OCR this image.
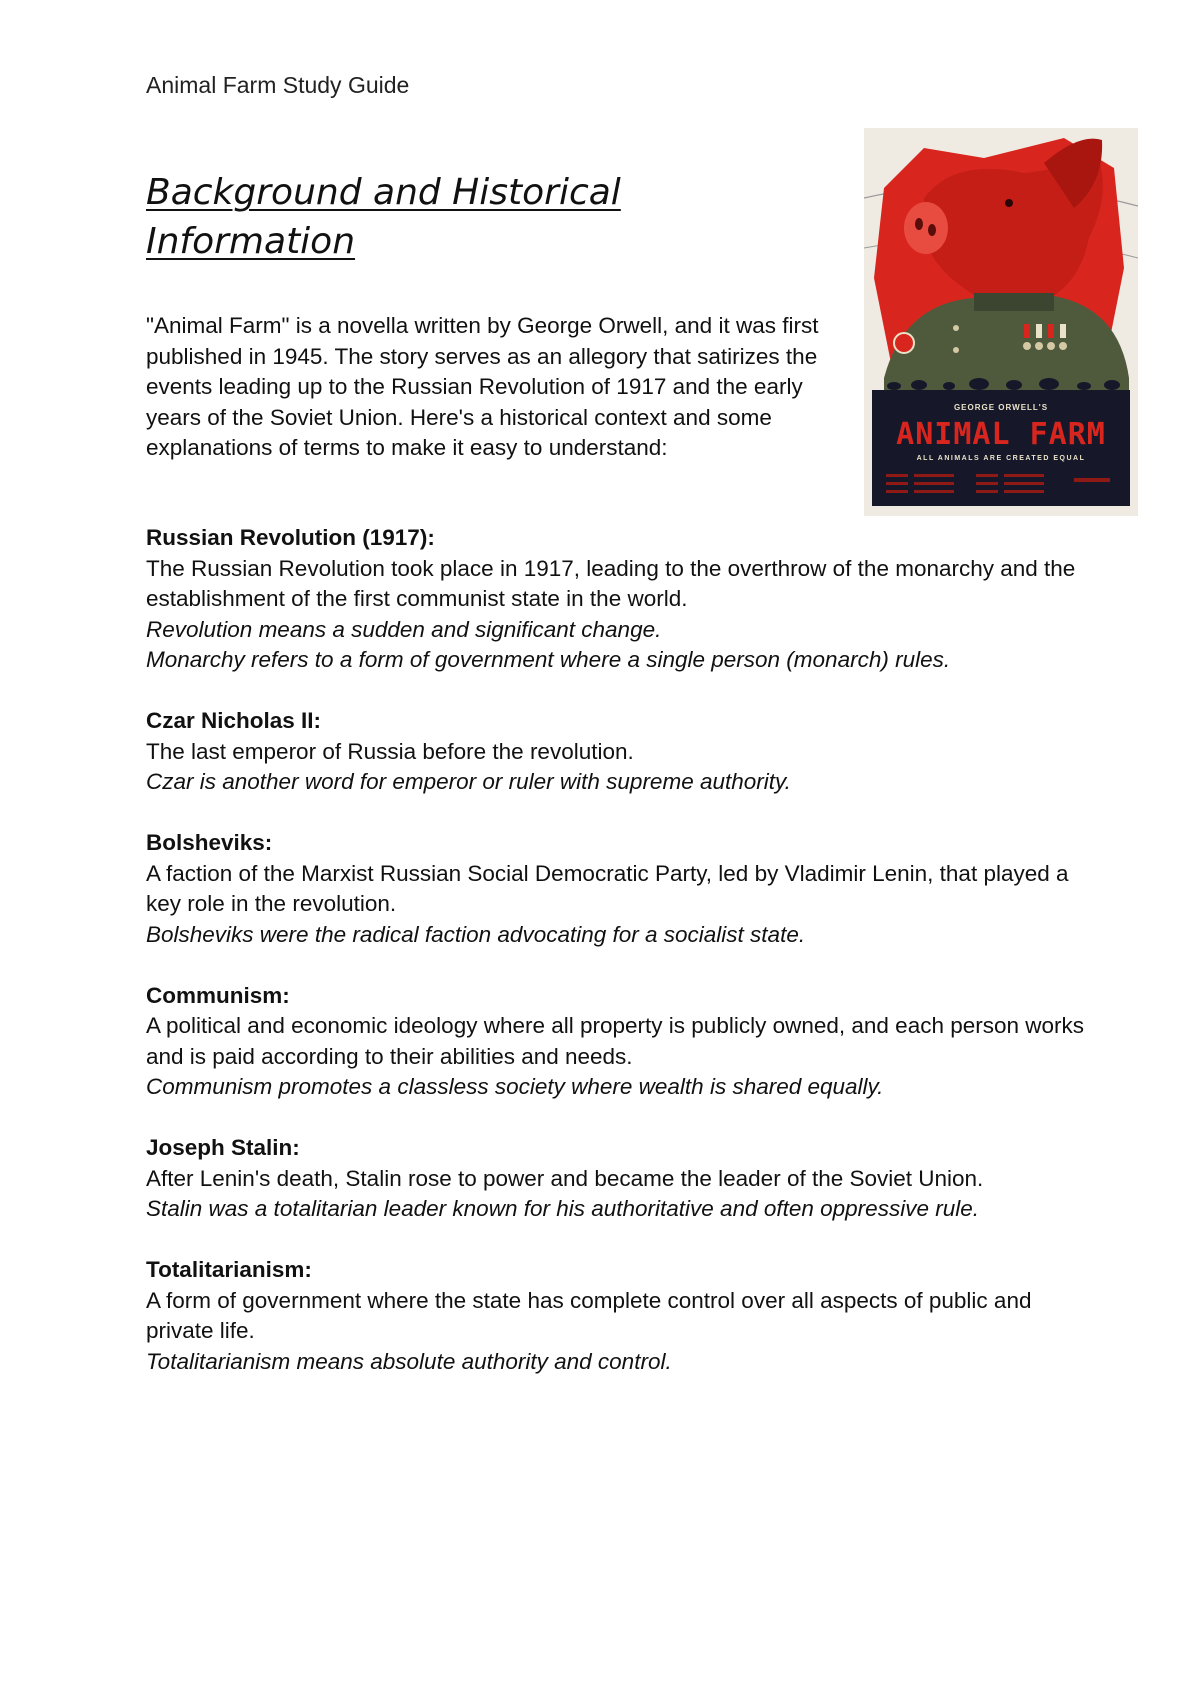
Animal Farm Study Guide
Background and Historical
Information

"Animal Farm" is a novella written by George Orwell, and it was first published in 1945. The story serves as an allegory that satirizes the events leading up to the Russian Revolution of 1917 and the early years of the Soviet Union. Here's a historical context and some explanations of terms to make it easy to understand:

GEORGE ORWELL'S
ANIMAL FARM
ALL ANIMALS ARE CREATED EQUAL

Russian Revolution (1917):

The Russian Revolution took place in 1917, leading to the overthrow of the monarchy and the establishment of the first communist state in the world.

Revolution means a sudden and significant change.

Monarchy refers to a form of government where a single person (monarch) rules.

Czar Nicholas II:

The last emperor of Russia before the revolution.

Czar is another word for emperor or ruler with supreme authority.

Bolsheviks:

A faction of the Marxist Russian Social Democratic Party, led by Vladimir Lenin, that played a key role in the revolution.

Bolsheviks were the radical faction advocating for a socialist state.

Communism:

A political and economic ideology where all property is publicly owned, and each person works and is paid according to their abilities and needs.

Communism promotes a classless society where wealth is shared equally.

Joseph Stalin:

After Lenin's death, Stalin rose to power and became the leader of the Soviet Union.

Stalin was a totalitarian leader known for his authoritative and often oppressive rule.

Totalitarianism:

A form of government where the state has complete control over all aspects of public and private life.

Totalitarianism means absolute authority and control.
